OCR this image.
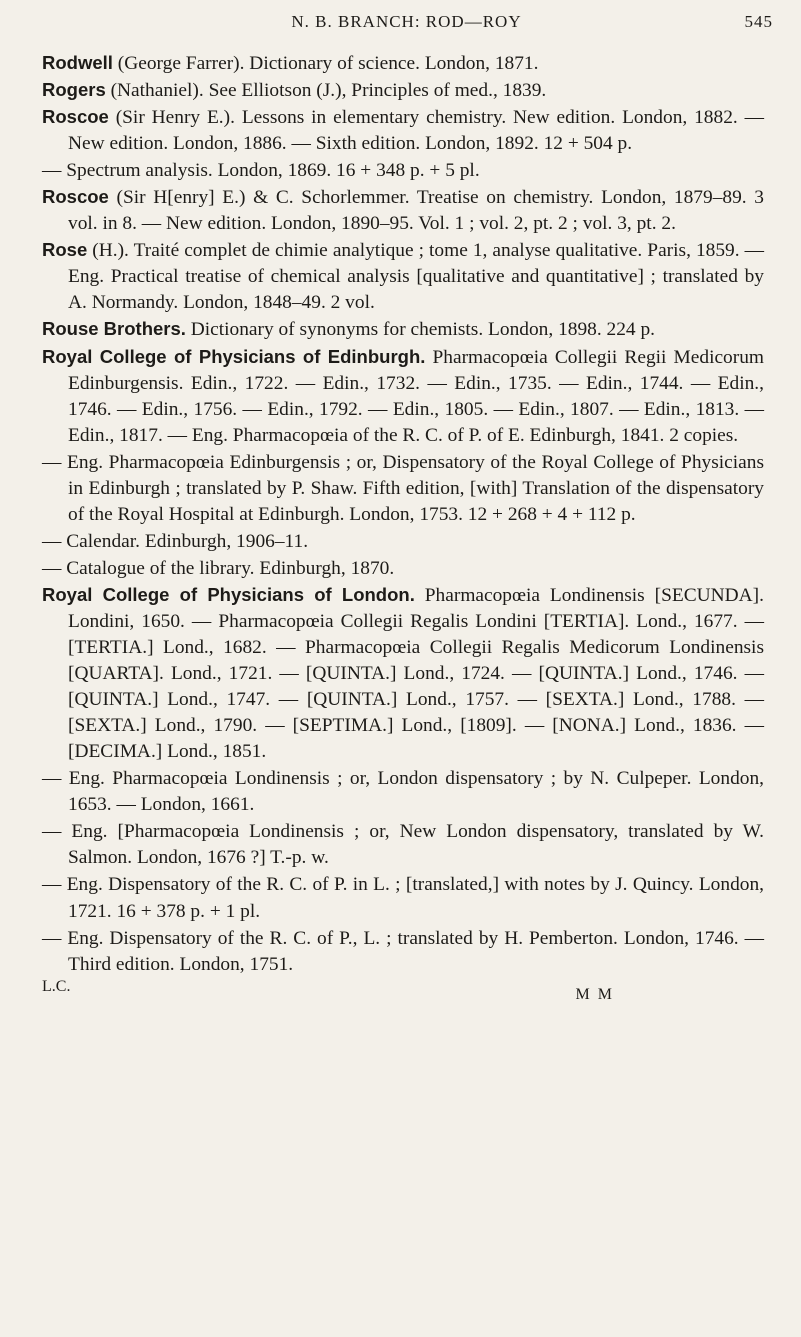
N. B. BRANCH: ROD—ROY	545

Rodwell (George Farrer). Dictionary of science. London, 1871.

Rogers (Nathaniel). See Elliotson (J.), Principles of med., 1839.

Roscoe (Sir Henry E.). Lessons in elementary chemistry. New edition. London, 1882. — New edition. London, 1886. — Sixth edition. London, 1892. 12 + 504 p.

— Spectrum analysis. London, 1869. 16 + 348 p. + 5 pl.

Roscoe (Sir H[enry] E.) & C. Schorlemmer. Treatise on chemistry. London, 1879–89. 3 vol. in 8. — New edition. London, 1890–95. Vol. 1 ; vol. 2, pt. 2 ; vol. 3, pt. 2.

Rose (H.). Traité complet de chimie analytique ; tome 1, analyse qualitative. Paris, 1859. — Eng. Practical treatise of chemical analysis [qualitative and quantitative] ; translated by A. Normandy. London, 1848–49. 2 vol.

Rouse Brothers. Dictionary of synonyms for chemists. London, 1898. 224 p.

Royal College of Physicians of Edinburgh. Pharmacopœia Collegii Regii Medicorum Edinburgensis. Edin., 1722. — Edin., 1732. — Edin., 1735. — Edin., 1744. — Edin., 1746. — Edin., 1756. — Edin., 1792. — Edin., 1805. — Edin., 1807. — Edin., 1813. — Edin., 1817. — Eng. Pharmacopœia of the R. C. of P. of E. Edinburgh, 1841. 2 copies.

— Eng. Pharmacopœia Edinburgensis ; or, Dispensatory of the Royal College of Physicians in Edinburgh ; translated by P. Shaw. Fifth edition, [with] Translation of the dispensatory of the Royal Hospital at Edinburgh. London, 1753. 12 + 268 + 4 + 112 p.

— Calendar. Edinburgh, 1906–11.

— Catalogue of the library. Edinburgh, 1870.

Royal College of Physicians of London. Pharmacopœia Londinensis [SECUNDA]. Londini, 1650. — Pharmacopœia Collegii Regalis Londini [TERTIA]. Lond., 1677. — [TERTIA.] Lond., 1682. — Pharmacopœia Collegii Regalis Medicorum Londinensis [QUARTA]. Lond., 1721. — [QUINTA.] Lond., 1724. — [QUINTA.] Lond., 1746. — [QUINTA.] Lond., 1747. — [QUINTA.] Lond., 1757. — [SEXTA.] Lond., 1788. — [SEXTA.] Lond., 1790. — [SEPTIMA.] Lond., [1809]. — [NONA.] Lond., 1836. — [DECIMA.] Lond., 1851.

— Eng. Pharmacopœia Londinensis ; or, London dispensatory ; by N. Culpeper. London, 1653. — London, 1661.

— Eng. [Pharmacopœia Londinensis ; or, New London dispensatory, translated by W. Salmon. London, 1676 ?] T.-p. w.

— Eng. Dispensatory of the R. C. of P. in L. ; [translated,] with notes by J. Quincy. London, 1721. 16 + 378 p. + 1 pl.

— Eng. Dispensatory of the R. C. of P., L. ; translated by H. Pemberton. London, 1746. — Third edition. London, 1751.

L.C.	M M
